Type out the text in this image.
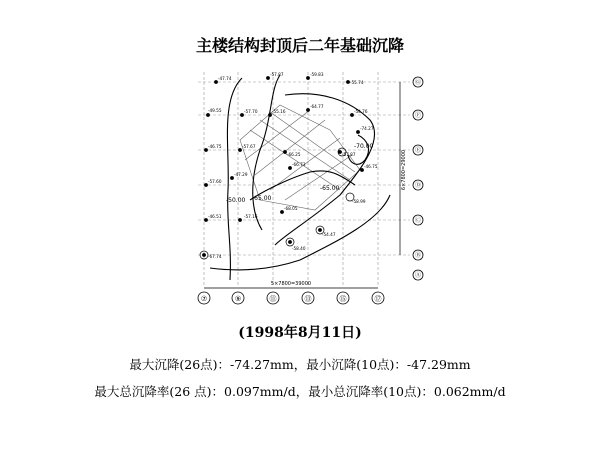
主楼结构封顶后二年基础沉降
Ⓖ
Ⓕ
Ⓔ
Ⓓ
Ⓒ
Ⓑ
Ⓐ
⑦	⑨	⑪	⑬	⑮	⑰
5×7800=39000
6×7800=29000
-47.74
-57.87	-59.83
-55.74
-49.55	-57.70	-55.16
-64.77
-54.76
-46.75	-57.67
-66.25
-66.73
-74.27
-57.87
-46.75
-57.60
-47.29
-57.16
-68.05
-54.47
-58.99
-58.40
-46.51
-67.74
-50.00 -65.00
-70.00
-65.00
(1998年8月11日)
最大沉降(26点)：-74.27mm，最小沉降(10点)：-47.29mm
最大总沉降率(26 点)：0.097mm/d，最小总沉降率(10点)：0.062mm/d
